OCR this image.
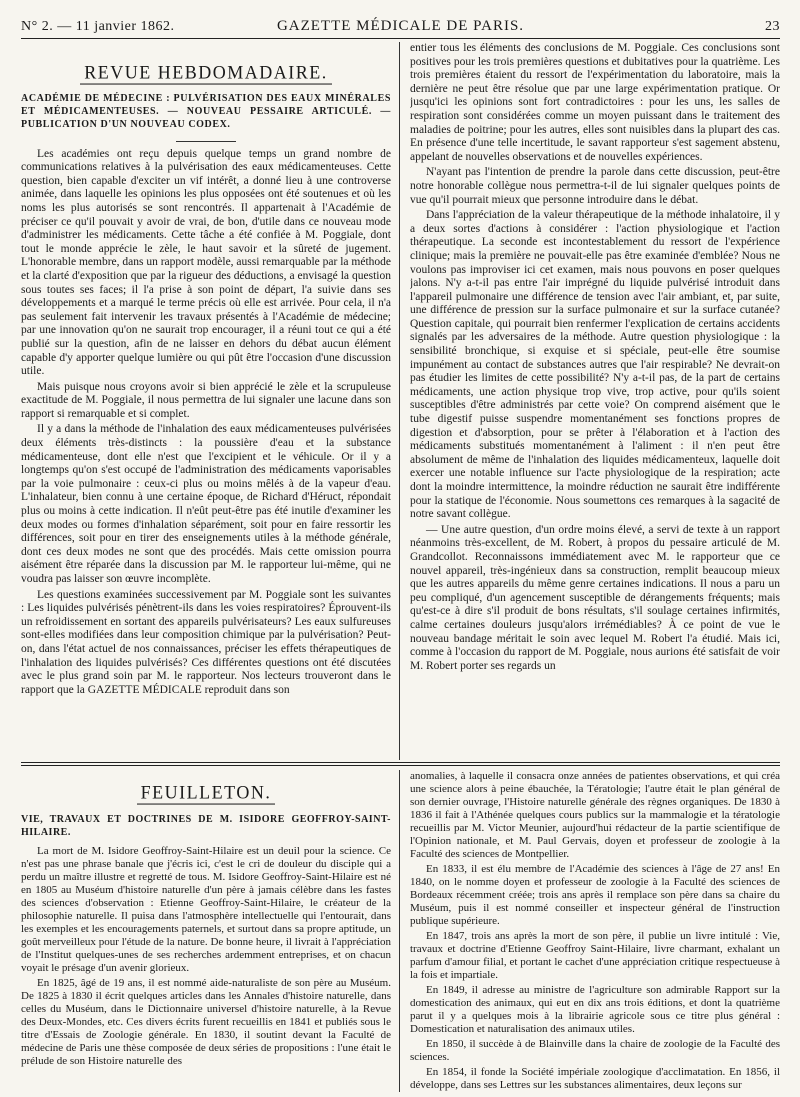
N° 2. — 11 janvier 1862.	GAZETTE MÉDICALE DE PARIS.	23
REVUE HEBDOMADAIRE.
ACADÉMIE DE MÉDECINE : PULVÉRISATION DES EAUX MINÉRALES ET MÉDICAMENTEUSES. — NOUVEAU PESSAIRE ARTICULÉ. — PUBLICATION D'UN NOUVEAU CODEX.

Les académies ont reçu depuis quelque temps un grand nombre de communications relatives à la pulvérisation des eaux médicamenteuses. Cette question, bien capable d'exciter un vif intérêt, a donné lieu à une controverse animée, dans laquelle les opinions les plus opposées ont été soutenues et où les noms les plus autorisés se sont rencontrés. Il appartenait à l'Académie de préciser ce qu'il pouvait y avoir de vrai, de bon, d'utile dans ce nouveau mode d'administrer les médicaments. Cette tâche a été confiée à M. Poggiale, dont tout le monde apprécie le zèle, le haut savoir et la sûreté de jugement. L'honorable membre, dans un rapport modèle, aussi remarquable par la méthode et la clarté d'exposition que par la rigueur des déductions, a envisagé la question sous toutes ses faces; il l'a prise à son point de départ, l'a suivie dans ses développements et a marqué le terme précis où elle est arrivée. Pour cela, il n'a pas seulement fait intervenir les travaux présentés à l'Académie de médecine; par une innovation qu'on ne saurait trop encourager, il a réuni tout ce qui a été publié sur la question, afin de ne laisser en dehors du débat aucun élément capable d'y apporter quelque lumière ou qui pût être l'occasion d'une discussion utile.

Mais puisque nous croyons avoir si bien apprécié le zèle et la scrupuleuse exactitude de M. Poggiale, il nous permettra de lui signaler une lacune dans son rapport si remarquable et si complet.

Il y a dans la méthode de l'inhalation des eaux médicamenteuses pulvérisées deux éléments très-distincts : la poussière d'eau et la substance médicamenteuse, dont elle n'est que l'excipient et le véhicule. Or il y a longtemps qu'on s'est occupé de l'administration des médicaments vaporisables par la voie pulmonaire : ceux-ci plus ou moins mêlés à de la vapeur d'eau. L'inhalateur, bien connu à une certaine époque, de Richard d'Héruct, répondait plus ou moins à cette indication. Il n'eût peut-être pas été inutile d'examiner les deux modes ou formes d'inhalation séparément, soit pour en faire ressortir les différences, soit pour en tirer des enseignements utiles à la méthode générale, dont ces deux modes ne sont que des procédés. Mais cette omission pourra aisément être réparée dans la discussion par M. le rapporteur lui-même, qui ne voudra pas laisser son œuvre incomplète.

Les questions examinées successivement par M. Poggiale sont les suivantes : Les liquides pulvérisés pénètrent-ils dans les voies respiratoires? Éprouvent-ils un refroidissement en sortant des appareils pulvérisateurs? Les eaux sulfureuses sont-elles modifiées dans leur composition chimique par la pulvérisation? Peut-on, dans l'état actuel de nos connaissances, préciser les effets thérapeutiques de l'inhalation des liquides pulvérisés? Ces différentes questions ont été discutées avec le plus grand soin par M. le rapporteur. Nos lecteurs trouveront dans le rapport que la GAZETTE MÉDICALE reproduit dans son

entier tous les éléments des conclusions de M. Poggiale. Ces conclusions sont positives pour les trois premières questions et dubitatives pour la quatrième. Les trois premières étaient du ressort de l'expérimentation du laboratoire, mais la dernière ne peut être résolue que par une large expérimentation pratique. Or jusqu'ici les opinions sont fort contradictoires : pour les uns, les salles de respiration sont considérées comme un moyen puissant dans le traitement des maladies de poitrine; pour les autres, elles sont nuisibles dans la plupart des cas. En présence d'une telle incertitude, le savant rapporteur s'est sagement abstenu, appelant de nouvelles observations et de nouvelles expériences.

N'ayant pas l'intention de prendre la parole dans cette discussion, peut-être notre honorable collègue nous permettra-t-il de lui signaler quelques points de vue qu'il pourrait mieux que personne introduire dans le débat.

Dans l'appréciation de la valeur thérapeutique de la méthode inhalatoire, il y a deux sortes d'actions à considérer : l'action physiologique et l'action thérapeutique. La seconde est incontestablement du ressort de l'expérience clinique; mais la première ne pouvait-elle pas être examinée d'emblée? Nous ne voulons pas improviser ici cet examen, mais nous pouvons en poser quelques jalons. N'y a-t-il pas entre l'air imprégné du liquide pulvérisé introduit dans l'appareil pulmonaire une différence de tension avec l'air ambiant, et, par suite, une différence de pression sur la surface pulmonaire et sur la surface cutanée? Question capitale, qui pourrait bien renfermer l'explication de certains accidents signalés par les adversaires de la méthode. Autre question physiologique : la sensibilité bronchique, si exquise et si spéciale, peut-elle être soumise impunément au contact de substances autres que l'air respirable? Ne devrait-on pas étudier les limites de cette possibilité? N'y a-t-il pas, de la part de certains médicaments, une action physique trop vive, trop active, pour qu'ils soient susceptibles d'être administrés par cette voie? On comprend aisément que le tube digestif puisse suspendre momentanément ses fonctions propres de digestion et d'absorption, pour se prêter à l'élaboration et à l'action des médicaments substitués momentanément à l'aliment : il n'en peut être absolument de même de l'inhalation des liquides médicamenteux, laquelle doit exercer une notable influence sur l'acte physiologique de la respiration; acte dont la moindre intermittence, la moindre réduction ne saurait être indifférente pour la statique de l'économie. Nous soumettons ces remarques à la sagacité de notre savant collègue.

— Une autre question, d'un ordre moins élevé, a servi de texte à un rapport néanmoins très-excellent, de M. Robert, à propos du pessaire articulé de M. Grandcollot. Reconnaissons immédiatement avec M. le rapporteur que ce nouvel appareil, très-ingénieux dans sa construction, remplit beaucoup mieux que les autres appareils du même genre certaines indications. Il nous a paru un peu compliqué, d'un agencement susceptible de dérangements fréquents; mais qu'est-ce à dire s'il produit de bons résultats, s'il soulage certaines infirmités, calme certaines douleurs jusqu'alors irrémédiables? À ce point de vue le nouveau bandage méritait le soin avec lequel M. Robert l'a étudié. Mais ici, comme à l'occasion du rapport de M. Poggiale, nous aurions été satisfait de voir M. Robert porter ses regards un

FEUILLETON.
VIE, TRAVAUX ET DOCTRINES DE M. ISIDORE GEOFFROY-SAINT-HILAIRE.

La mort de M. Isidore Geoffroy-Saint-Hilaire est un deuil pour la science. Ce n'est pas une phrase banale que j'écris ici, c'est le cri de douleur du disciple qui a perdu un maître illustre et regretté de tous. M. Isidore Geoffroy-Saint-Hilaire est né en 1805 au Muséum d'histoire naturelle d'un père à jamais célèbre dans les fastes des sciences d'observation : Etienne Geoffroy-Saint-Hilaire, le créateur de la philosophie naturelle. Il puisa dans l'atmosphère intellectuelle qui l'entourait, dans les exemples et les encouragements paternels, et surtout dans sa propre aptitude, un goût merveilleux pour l'étude de la nature. De bonne heure, il livrait à l'appréciation de l'Institut quelques-unes de ses recherches ardemment entreprises, et on chacun voyait le présage d'un avenir glorieux.

En 1825, âgé de 19 ans, il est nommé aide-naturaliste de son père au Muséum. De 1825 à 1830 il écrit quelques articles dans les Annales d'histoire naturelle, dans celles du Muséum, dans le Dictionnaire universel d'histoire naturelle, à la Revue des Deux-Mondes, etc. Ces divers écrits furent recueillis en 1841 et publiés sous le titre d'Essais de Zoologie générale. En 1830, il soutint devant la Faculté de médecine de Paris une thèse composée de deux séries de propositions : l'une était le prélude de son Histoire naturelle des

anomalies, à laquelle il consacra onze années de patientes observations, et qui créa une science alors à peine ébauchée, la Tératologie; l'autre était le plan général de son dernier ouvrage, l'Histoire naturelle générale des règnes organiques. De 1830 à 1836 il fait à l'Athénée quelques cours publics sur la mammalogie et la tératologie recueillis par M. Victor Meunier, aujourd'hui rédacteur de la partie scientifique de l'Opinion nationale, et M. Paul Gervais, doyen et professeur de zoologie à la Faculté des sciences de Montpellier.

En 1833, il est élu membre de l'Académie des sciences à l'âge de 27 ans! En 1840, on le nomme doyen et professeur de zoologie à la Faculté des sciences de Bordeaux récemment créée; trois ans après il remplace son père dans sa chaire du Muséum, puis il est nommé conseiller et inspecteur général de l'instruction publique supérieure.

En 1847, trois ans après la mort de son père, il publie un livre intitulé : Vie, travaux et doctrine d'Etienne Geoffroy Saint-Hilaire, livre charmant, exhalant un parfum d'amour filial, et portant le cachet d'une appréciation critique respectueuse à la fois et impartiale.

En 1849, il adresse au ministre de l'agriculture son admirable Rapport sur la domestication des animaux, qui eut en dix ans trois éditions, et dont la quatrième parut il y a quelques mois à la librairie agricole sous ce titre plus général : Domestication et naturalisation des animaux utiles.

En 1850, il succède à de Blainville dans la chaire de zoologie de la Faculté des sciences.

En 1854, il fonde la Société impériale zoologique d'acclimatation. En 1856, il développe, dans ses Lettres sur les substances alimentaires, deux leçons sur
